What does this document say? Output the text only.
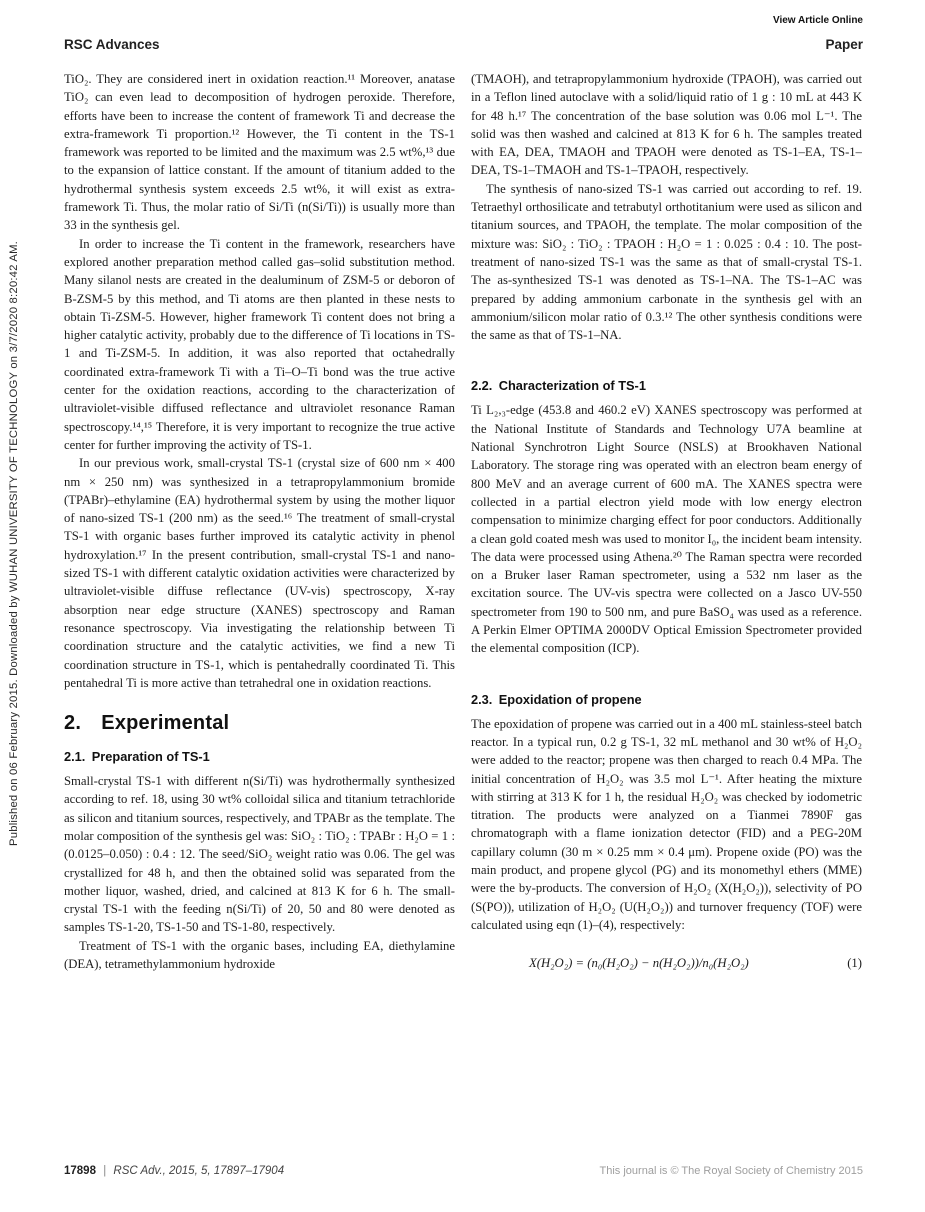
View Article Online
RSC Advances	Paper
Published on 06 February 2015. Downloaded by WUHAN UNIVERSITY OF TECHNOLOGY on 3/7/2020 8:20:42 AM.

TiO₂. They are considered inert in oxidation reaction.¹¹ Moreover, anatase TiO₂ can even lead to decomposition of hydrogen peroxide. Therefore, efforts have been to increase the content of framework Ti and decrease the extra-framework Ti proportion.¹² However, the Ti content in the TS-1 framework was reported to be limited and the maximum was 2.5 wt%,¹³ due to the expansion of lattice constant. If the amount of titanium added to the hydrothermal synthesis system exceeds 2.5 wt%, it will exist as extra-framework Ti. Thus, the molar ratio of Si/Ti (n(Si/Ti)) is usually more than 33 in the synthesis gel.

In order to increase the Ti content in the framework, researchers have explored another preparation method called gas–solid substitution method. Many silanol nests are created in the dealuminum of ZSM-5 or deboron of B-ZSM-5 by this method, and Ti atoms are then planted in these nests to obtain Ti-ZSM-5. However, higher framework Ti content does not bring a higher catalytic activity, probably due to the difference of Ti locations in TS-1 and Ti-ZSM-5. In addition, it was also reported that octahedrally coordinated extra-framework Ti with a Ti–O–Ti bond was the true active center for the oxidation reactions, according to the characterization of ultraviolet-visible diffused reflectance and ultraviolet resonance Raman spectroscopy.¹⁴,¹⁵ Therefore, it is very important to recognize the true active center for further improving the activity of TS-1.

In our previous work, small-crystal TS-1 (crystal size of 600 nm × 400 nm × 250 nm) was synthesized in a tetrapropylammonium bromide (TPABr)–ethylamine (EA) hydrothermal system by using the mother liquor of nano-sized TS-1 (200 nm) as the seed.¹⁶ The treatment of small-crystal TS-1 with organic bases further improved its catalytic activity in phenol hydroxylation.¹⁷ In the present contribution, small-crystal TS-1 and nano-sized TS-1 with different catalytic oxidation activities were characterized by ultraviolet-visible diffuse reflectance (UV-vis) spectroscopy, X-ray absorption near edge structure (XANES) spectroscopy and Raman resonance spectroscopy. Via investigating the relationship between Ti coordination structure and the catalytic activities, we find a new Ti coordination structure in TS-1, which is pentahedrally coordinated Ti. This pentahedral Ti is more active than tetrahedral one in oxidation reactions.

2. Experimental
2.1. Preparation of TS-1

Small-crystal TS-1 with different n(Si/Ti) was hydrothermally synthesized according to ref. 18, using 30 wt% colloidal silica and titanium tetrachloride as silicon and titanium sources, respectively, and TPABr as the template. The molar composition of the synthesis gel was: SiO₂ : TiO₂ : TPABr : H₂O = 1 : (0.0125–0.050) : 0.4 : 12. The seed/SiO₂ weight ratio was 0.06. The gel was crystallized for 48 h, and then the obtained solid was separated from the mother liquor, washed, dried, and calcined at 813 K for 6 h. The small-crystal TS-1 with the feeding n(Si/Ti) of 20, 50 and 80 were denoted as samples TS-1-20, TS-1-50 and TS-1-80, respectively.

Treatment of TS-1 with the organic bases, including EA, diethylamine (DEA), tetramethylammonium hydroxide

(TMAOH), and tetrapropylammonium hydroxide (TPAOH), was carried out in a Teflon lined autoclave with a solid/liquid ratio of 1 g : 10 mL at 443 K for 48 h.¹⁷ The concentration of the base solution was 0.06 mol L⁻¹. The solid was then washed and calcined at 813 K for 6 h. The samples treated with EA, DEA, TMAOH and TPAOH were denoted as TS-1–EA, TS-1–DEA, TS-1–TMAOH and TS-1–TPAOH, respectively.

The synthesis of nano-sized TS-1 was carried out according to ref. 19. Tetraethyl orthosilicate and tetrabutyl orthotitanium were used as silicon and titanium sources, and TPAOH, the template. The molar composition of the mixture was: SiO₂ : TiO₂ : TPAOH : H₂O = 1 : 0.025 : 0.4 : 10. The post-treatment of nano-sized TS-1 was the same as that of small-crystal TS-1. The as-synthesized TS-1 was denoted as TS-1–NA. The TS-1–AC was prepared by adding ammonium carbonate in the synthesis gel with an ammonium/silicon molar ratio of 0.3.¹² The other synthesis conditions were the same as that of TS-1–NA.

2.2. Characterization of TS-1

Ti L₂,₃-edge (453.8 and 460.2 eV) XANES spectroscopy was performed at the National Institute of Standards and Technology U7A beamline at National Synchrotron Light Source (NSLS) at Brookhaven National Laboratory. The storage ring was operated with an electron beam energy of 800 MeV and an average current of 600 mA. The XANES spectra were collected in a partial electron yield mode with low energy electron compensation to minimize charging effect for poor conductors. Additionally a clean gold coated mesh was used to monitor I₀, the incident beam intensity. The data were processed using Athena.²⁰ The Raman spectra were recorded on a Bruker laser Raman spectrometer, using a 532 nm laser as the excitation source. The UV-vis spectra were collected on a Jasco UV-550 spectrometer from 190 to 500 nm, and pure BaSO₄ was used as a reference. A Perkin Elmer OPTIMA 2000DV Optical Emission Spectrometer provided the elemental composition (ICP).

2.3. Epoxidation of propene

The epoxidation of propene was carried out in a 400 mL stainless-steel batch reactor. In a typical run, 0.2 g TS-1, 32 mL methanol and 30 wt% of H₂O₂ were added to the reactor; propene was then charged to reach 0.4 MPa. The initial concentration of H₂O₂ was 3.5 mol L⁻¹. After heating the mixture with stirring at 313 K for 1 h, the residual H₂O₂ was checked by iodometric titration. The products were analyzed on a Tianmei 7890F gas chromatograph with a flame ionization detector (FID) and a PEG-20M capillary column (30 m × 0.25 mm × 0.4 μm). Propene oxide (PO) was the main product, and propene glycol (PG) and its monomethyl ethers (MME) were the by-products. The conversion of H₂O₂ (X(H₂O₂)), selectivity of PO (S(PO)), utilization of H₂O₂ (U(H₂O₂)) and turnover frequency (TOF) were calculated using eqn (1)–(4), respectively:

X(H₂O₂) = (n₀(H₂O₂) − n(H₂O₂))/n₀(H₂O₂)	(1)
17898 | RSC Adv., 2015, 5, 17897–17904	This journal is © The Royal Society of Chemistry 2015
